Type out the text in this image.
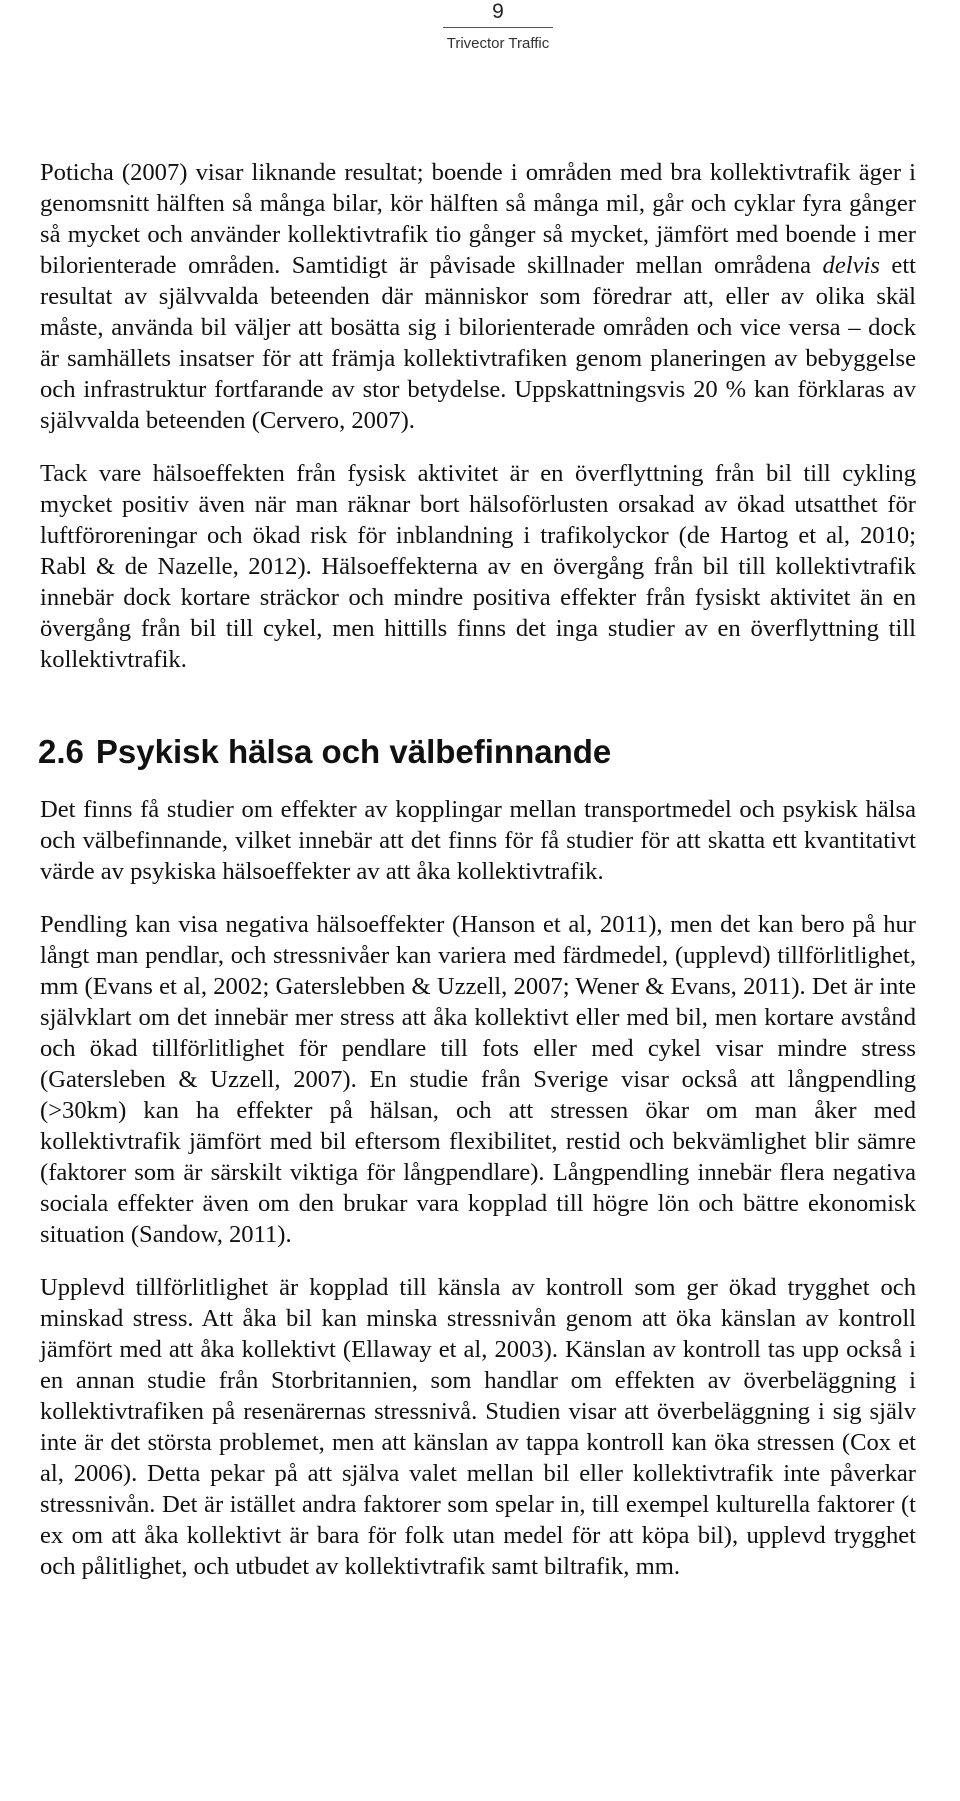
9
Trivector Traffic

Poticha (2007) visar liknande resultat; boende i områden med bra kollektivtrafik äger i genomsnitt hälften så många bilar, kör hälften så många mil, går och cyklar fyra gånger så mycket och använder kollektivtrafik tio gånger så mycket, jämfört med boende i mer bilorienterade områden. Samtidigt är påvisade skillnader mellan områdena delvis ett resultat av självvalda beteenden där människor som föredrar att, eller av olika skäl måste, använda bil väljer att bosätta sig i bilorienterade områden och vice versa – dock är samhällets insatser för att främja kollektivtrafiken genom planeringen av bebyggelse och infrastruktur fortfarande av stor betydelse. Uppskattningsvis 20 % kan förklaras av självvalda beteenden (Cervero, 2007).

Tack vare hälsoeffekten från fysisk aktivitet är en överflyttning från bil till cykling mycket positiv även när man räknar bort hälsoförlusten orsakad av ökad utsatthet för luftföroreningar och ökad risk för inblandning i trafikolyckor (de Hartog et al, 2010; Rabl & de Nazelle, 2012). Hälsoeffekterna av en övergång från bil till kollektivtrafik innebär dock kortare sträckor och mindre positiva effekter från fysiskt aktivitet än en övergång från bil till cykel, men hittills finns det inga studier av en överflyttning till kollektivtrafik.

2.6 Psykisk hälsa och välbefinnande

Det finns få studier om effekter av kopplingar mellan transportmedel och psykisk hälsa och välbefinnande, vilket innebär att det finns för få studier för att skatta ett kvantitativt värde av psykiska hälsoeffekter av att åka kollektivtrafik.

Pendling kan visa negativa hälsoeffekter (Hanson et al, 2011), men det kan bero på hur långt man pendlar, och stressnivåer kan variera med färdmedel, (upplevd) tillförlitlighet, mm (Evans et al, 2002; Gaterslebben & Uzzell, 2007; Wener & Evans, 2011). Det är inte självklart om det innebär mer stress att åka kollektivt eller med bil, men kortare avstånd och ökad tillförlitlighet för pendlare till fots eller med cykel visar mindre stress (Gatersleben & Uzzell, 2007). En studie från Sverige visar också att långpendling (>30km) kan ha effekter på hälsan, och att stressen ökar om man åker med kollektivtrafik jämfört med bil eftersom flexibilitet, restid och bekvämlighet blir sämre (faktorer som är särskilt viktiga för långpendlare). Långpendling innebär flera negativa sociala effekter även om den brukar vara kopplad till högre lön och bättre ekonomisk situation (Sandow, 2011).

Upplevd tillförlitlighet är kopplad till känsla av kontroll som ger ökad trygghet och minskad stress. Att åka bil kan minska stressnivån genom att öka känslan av kontroll jämfört med att åka kollektivt (Ellaway et al, 2003). Känslan av kontroll tas upp också i en annan studie från Storbritannien, som handlar om effekten av överbeläggning i kollektivtrafiken på resenärernas stressnivå. Studien visar att överbeläggning i sig själv inte är det största problemet, men att känslan av tappa kontroll kan öka stressen (Cox et al, 2006). Detta pekar på att själva valet mellan bil eller kollektivtrafik inte påverkar stressnivån. Det är istället andra faktorer som spelar in, till exempel kulturella faktorer (t ex om att åka kollektivt är bara för folk utan medel för att köpa bil), upplevd trygghet och pålitlighet, och utbudet av kollektivtrafik samt biltrafik, mm.
